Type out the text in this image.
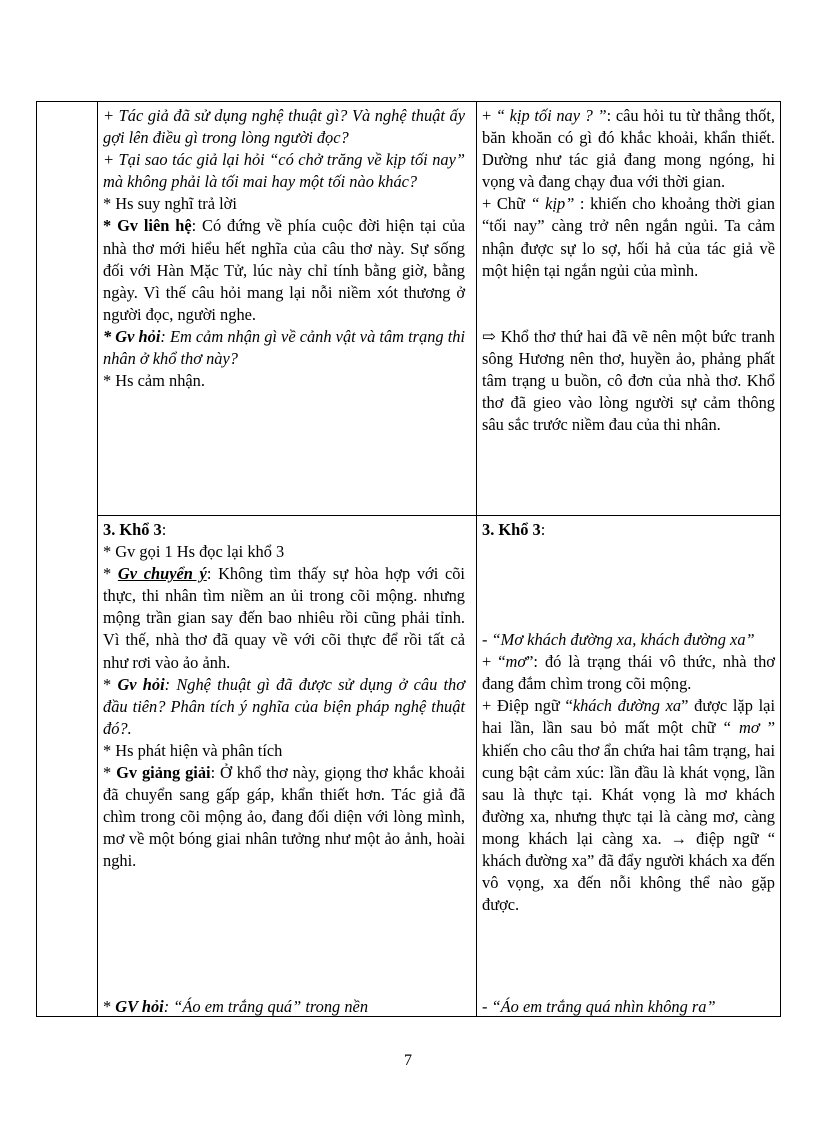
+ Tác giả đã sử dụng nghệ thuật gì? Và nghệ thuật ấy gợi lên điều gì trong lòng người đọc?

+ Tại sao tác giả lại hỏi “có chở trăng về kịp tối nay” mà không phải là tối mai hay một tối nào khác?

* Hs suy nghĩ trả lời

* Gv liên hệ: Có đứng về phía cuộc đời hiện tại của nhà thơ mới hiểu hết nghĩa của câu thơ này. Sự sống đối với Hàn Mặc Tử, lúc này chỉ tính bằng giờ, bằng ngày. Vì thế câu hỏi mang lại nỗi niềm xót thương ở người đọc, người nghe.

* Gv hỏi: Em cảm nhận gì về cảnh vật và tâm trạng thi nhân ở khổ thơ này?

* Hs cảm nhận.

+ “ kịp tối nay ? ”: câu hỏi tu từ thẳng thốt, băn khoăn có gì đó khắc khoải, khẩn thiết. Dường như tác giả đang mong ngóng, hi vọng và đang chạy đua với thời gian.

+ Chữ “ kịp” : khiến cho khoảng thời gian “tối nay” càng trở nên ngắn ngủi. Ta cảm nhận được sự lo sợ, hối hả của tác giả về một hiện tại ngắn ngủi của mình.

⇨ Khổ thơ thứ hai đã vẽ nên một bức tranh sông Hương nên thơ, huyền ảo, phảng phất tâm trạng u buồn, cô đơn của nhà thơ. Khổ thơ đã gieo vào lòng người sự cảm thông sâu sắc trước niềm đau của thi nhân.

3. Khổ 3:

* Gv gọi 1 Hs đọc lại khổ 3

* Gv chuyển ý: Không tìm thấy sự hòa hợp với cõi thực, thi nhân tìm niềm an ủi trong cõi mộng. nhưng mộng trần gian say đến bao nhiêu rồi cũng phải tỉnh. Vì thế, nhà thơ đã quay về với cõi thực để rồi tất cả như rơi vào ảo ảnh.

* Gv hỏi: Nghệ thuật gì đã được sử dụng ở câu thơ đầu tiên? Phân tích ý nghĩa của biện pháp nghệ thuật đó?.

* Hs phát hiện và phân tích

* Gv giảng giải: Ở khổ thơ này, giọng thơ khắc khoải đã chuyển sang gấp gáp, khẩn thiết hơn. Tác giả đã chìm trong cõi mộng ảo, đang đối diện với lòng mình, mơ về một bóng giai nhân tưởng như một ảo ảnh, hoài nghi.

* GV hỏi: “Áo em trắng quá” trong nền

3. Khổ 3:

- “Mơ khách đường xa, khách đường xa”

+ “mơ”: đó là trạng thái vô thức, nhà thơ đang đắm chìm trong cõi mộng.

+ Điệp ngữ “khách đường xa” được lặp lại hai lần, lần sau bỏ mất một chữ “ mơ ” khiến cho câu thơ ẩn chứa hai tâm trạng, hai cung bật cảm xúc: lần đầu là khát vọng, lần sau là thực tại. Khát vọng là mơ khách đường xa, nhưng thực tại là càng mơ, càng mong khách lại càng xa. → điệp ngữ “ khách đường xa” đã đẩy người khách xa đến vô vọng, xa đến nỗi không thể nào gặp được.

- “Áo em trắng quá nhìn không ra”

7
